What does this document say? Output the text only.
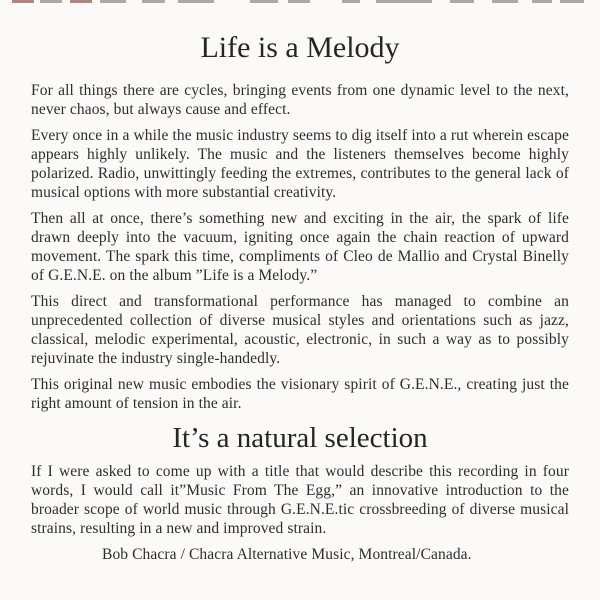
Life is a Melody

For all things there are cycles, bringing events from one dynamic level to the next, never chaos, but always cause and effect.

Every once in a while the music industry seems to dig itself into a rut wherein escape appears highly unlikely. The music and the listeners themselves become highly polarized. Radio, unwittingly feeding the extremes, contributes to the general lack of musical options with more substantial creativity.

Then all at once, there’s something new and exciting in the air, the spark of life drawn deeply into the vacuum, igniting once again the chain reaction of upward movement. The spark this time, compliments of Cleo de Mallio and Crystal Binelly of G.E.N.E. on the album ”Life is a Melody.”

This direct and transformational performance has managed to combine an unprecedented collection of diverse musical styles and orientations such as jazz, classical, melodic experimental, acoustic, electronic, in such a way as to possibly rejuvinate the industry single-handedly.

This original new music embodies the visionary spirit of G.E.N.E., creating just the right amount of tension in the air.

It’s a natural selection

If I were asked to come up with a title that would describe this recording in four words, I would call it”Music From The Egg,” an innovative introduction to the broader scope of world music through G.E.N.E.tic crossbreeding of diverse musical strains, resulting in a new and improved strain.

Bob Chacra / Chacra Alternative Music, Montreal/Canada.
